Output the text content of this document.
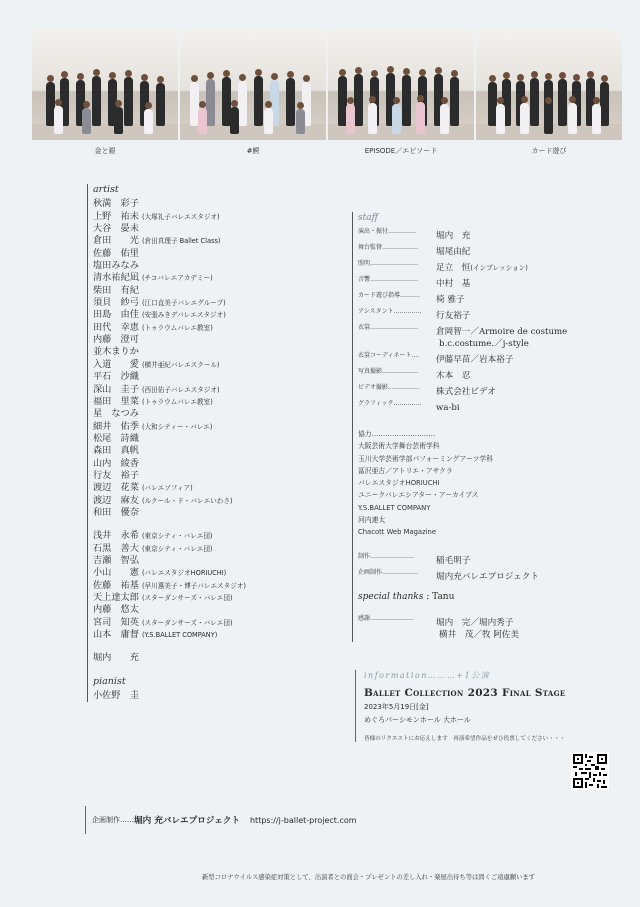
金と銀	#鰐	EPISODE／エピソード	カード遊び
artist
秋満　彩子
上野　祐未 (大塚礼子バレエスタジオ)
大谷　晏未
倉田　　光 (倉田真理子 Ballet Class)
佐藤　佑里
塩田みなみ
清水祐紀凪 (チコバレエアカデミー)
柴田　有紀
須貝　紗弓 (江口直美子バレエグループ)
田島　由佳 (安張みきデバレエスタジオ)
田代　幸恵 (トゥラウムバレエ教室)
内藤　澄可
並木まりか
入道　　愛 (横井亜紀バレエスクール)
平石　沙織
深山　圭子 (西田佑子バレエスタジオ)
福田　里菜 (トゥラウムバレエ教室)
星　なつみ
細井　佑季 (大和シティー・バレエ)
松尾　詩織
森田　真帆
山内　綾香
行友　裕子
渡辺　花菜 (バレエソフィア)
渡辺　麻友 (ルクール・ド・バレエいわさ)
和田　優奈
浅井　永希 (東京シティ・バレエ団)
石黒　善大 (東京シティ・バレエ団)
吉瀬　智弘
小山　　憲 (バレエスタジオHORIUCHI)
佐藤　祐基 (早川惠美子・博子バレエスタジオ)
天上達太郎 (スターダンサーズ・バレエ団)
内藤　悠太
宮司　知英 (スターダンサーズ・バレエ団)
山本　庸督 (Y.S.BALLET COMPANY)
堀内　　充
pianist
小佐野　圭
staff
演出・振付‥‥‥‥‥‥‥ 堀内　充
舞台監督‥‥‥‥‥‥‥‥‥ 堀尾由紀
照明‥‥‥‥‥‥‥‥‥‥‥‥ 足立　恒(インプレッション)
音響‥‥‥‥‥‥‥‥‥‥‥‥ 中村　基
カード遊び指導‥‥‥‥‥ 椅 雅子
アシスタント‥‥‥‥‥‥‥ 行友裕子
衣裳‥‥‥‥‥‥‥‥‥‥‥‥ 倉岡智一／Armoire de costume
b.c.costume.／j-style
衣裳コーディネート‥‥ 伊藤早苗／岩本裕子
写真撮影‥‥‥‥‥‥‥‥‥ 木本　忍
ビデオ撮影‥‥‥‥‥‥‥‥ 株式会社ビデオ
グラフィック‥‥‥‥‥‥‥ wa-bi
協力‥‥‥‥‥‥‥‥‥‥‥‥‥‥
大阪芸術大学舞台芸術学科
玉川大学芸術学部パフォーミングアーツ学科
冨沢亜古／アトリエ・アサクラ
バレエスタジオHORIUCHI
ユニークバレエシアター・アーカイブス
Y.S.BALLET COMPANY
河内連太
Chacott Web Magazine
制作‥‥‥‥‥‥‥‥‥‥‥	稲毛明子
企画制作‥‥‥‥‥‥‥‥‥ 堀内充バレエプロジェクト
special thanks : Tanu
感謝‥‥‥‥‥‥‥‥‥‥‥	堀内　完／堀内秀子
横井　茂／牧 阿佐美
information………+1公演
Ballet Collection 2023 Final Stage
2023年5月19日[金]
めぐろパーシモンホール 大ホール
皆様のリクエストにお応えします　再演希望作品をぜひ投票してください・・・
企画制作‥‥‥ 堀内 充バレエプロジェクト https://j-ballet-project.com
新型コロナウイルス感染症対策として、出演者との面会・プレゼントの差し入れ・楽屋出待ち等は固くご遠慮願います
